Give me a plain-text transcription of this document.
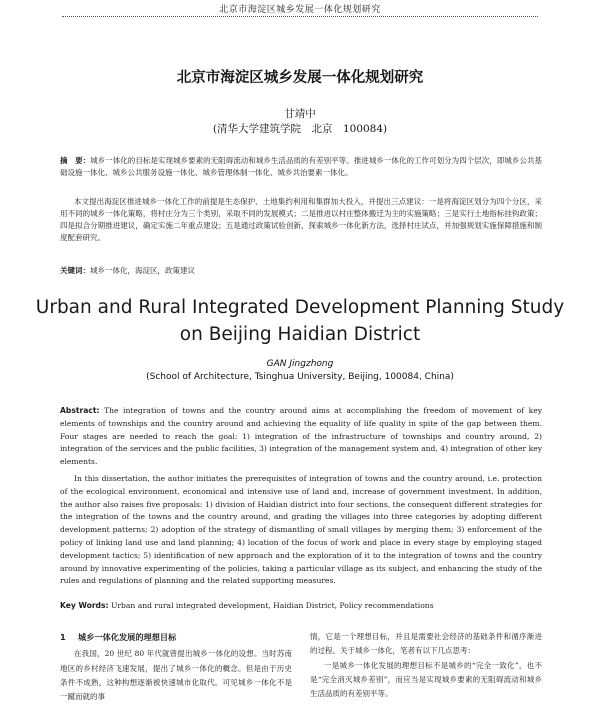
北京市海淀区城乡发展一体化规划研究
北京市海淀区城乡发展一体化规划研究
甘靖中
(清华大学建筑学院　北京　100084)
摘　要：城乡一体化的目标是实现城乡要素的无阻碍流动和城乡生活品质的有差别平等。推进城乡一体化的工作可划分为四个层次，即城乡公共基础设施一体化、城乡公共服务设施一体化、城乡管理体制一体化、城乡共治要素一体化。
本文提出海淀区推进城乡一体化工作的前提是生态保护、土地集约利用和集群加大投入，并提出三点建议：一是将海淀区划分为四个分区，采用不同的城乡一体化策略，将村庄分为三个类别，采取不同的发展模式；二是推进以村庄整体搬迁为主的实施策略；三是实行土地指标挂钩政策；四是拟合分期推进建议，确定实施二年重点建设；五是通过政策试验创新，探索城乡一体化新方法，选择村庄试点，并加强规划实施保障措施和制度配套研究。
关键词：城乡一体化，海淀区，政策建议
Urban and Rural Integrated Development Planning Study
on Beijing Haidian District
GAN Jingzhong
(School of Architecture, Tsinghua University, Beijing, 100084, China)
Abstract: The integration of towns and the country around aims at accomplishing the freedom of movement of key elements of townships and the country around and achieving the equality of life quality in spite of the gap between them. Four stages are needed to reach the goal: 1) integration of the infrastructure of townships and country around, 2) integration of the services and the public facilities, 3) integration of the management system and, 4) integration of other key elements.
In this dissertation, the author initiates the prerequisites of integration of towns and the country around, i.e. protection of the ecological environment, economical and intensive use of land and, increase of government investment. In addition, the author also raises five proposals: 1) division of Haidian district into four sections, the consequent different strategies for the integration of the towns and the country around, and grading the villages into three categories by adopting different development patterns; 2) adoption of the strategy of dismantling of small villages by merging them; 3) enforcement of the policy of linking land use and land planning; 4) location of the focus of work and place in every stage by employing staged development tactics; 5) identification of new approach and the exploration of it to the integration of towns and the country around by innovative experimenting of the policies, taking a particular village as its subject, and enhancing the study of the rules and regulations of planning and the related supporting measures.
Key Words: Urban and rural integrated development, Haidian District, Policy recommendations
1 城乡一体化发展的理想目标

在我国，20 世纪 80 年代就曾提出城乡一体化的设想。当时苏南地区的乡村经济飞速发展，提出了城乡一体化的概念。但是由于历史条件不成熟，这种构想逐渐被快速城市化取代。可见城乡一体化不是一蹴而就的事

情，它是一个理想目标，并且是需要社会经济的基础条件和循序渐进的过程。关于城乡一体化，笔者有以下几点思考：

一是城乡一体化发展的理想目标不是城乡的“完全一致化”，也不是“完全消灭城乡差别”，而应当是实现城乡要素的无阻碍流动和城乡生活品质的有差别平等。
